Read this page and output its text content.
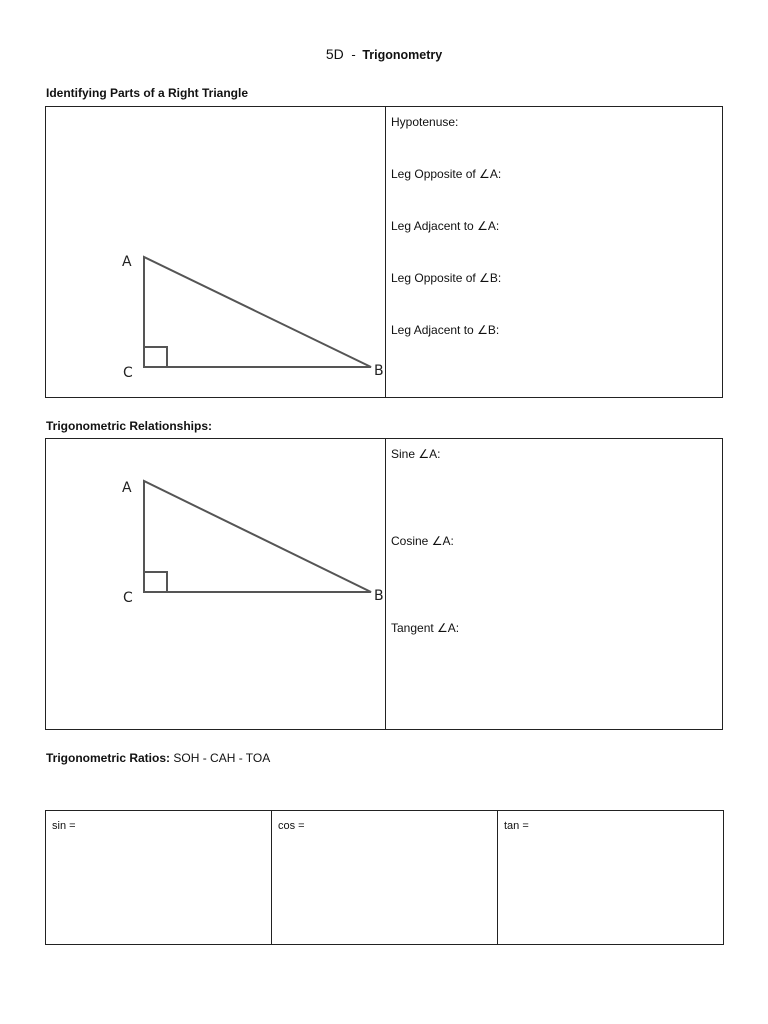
5D - Trigonometry
Identifying Parts of a Right Triangle
A
C	B
Hypotenuse:
Leg Opposite of ∠A:
Leg Adjacent to ∠A:
Leg Opposite of ∠B:
Leg Adjacent to ∠B:
Trigonometric Relationships:
A
C	B
Sine ∠A:
Cosine ∠A:
Tangent ∠A:
Trigonometric Ratios: SOH - CAH - TOA
sin =	cos =	tan =
